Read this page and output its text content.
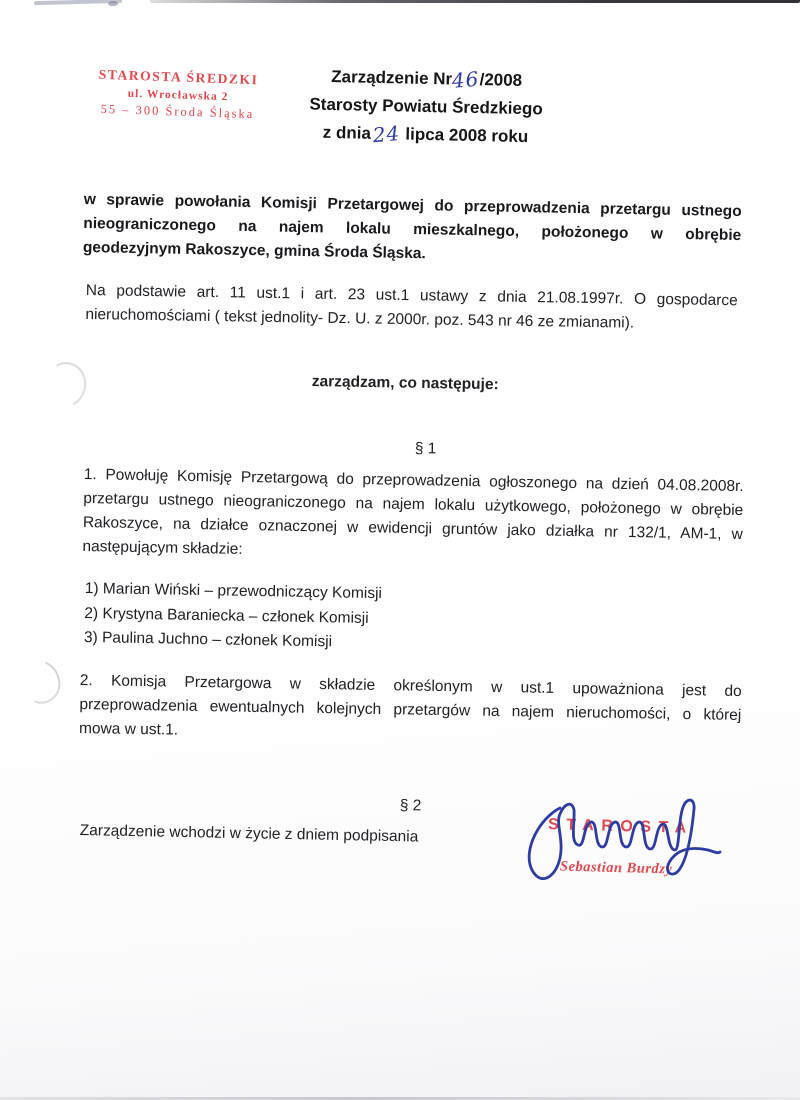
STAROSTA ŚREDZKI
ul. Wrocławska 2
55 – 300 Środa Śląska
Zarządzenie Nr46/2008
Starosty Powiatu Średzkiego
z dnia24 lipca 2008 roku
w sprawie powołania Komisji Przetargowej do przeprowadzenia przetargu ustnego
nieograniczonego na najem lokalu mieszkalnego, położonego w obrębie
geodezyjnym Rakoszyce, gmina Środa Śląska.
Na podstawie art. 11 ust.1 i art. 23 ust.1 ustawy z dnia 21.08.1997r. O gospodarce
nieruchomościami ( tekst jednolity- Dz. U. z 2000r. poz. 543 nr 46 ze zmianami).
zarządzam, co następuje:
§ 1
1. Powołuję Komisję Przetargową do przeprowadzenia ogłoszonego na dzień 04.08.2008r.
przetargu ustnego nieograniczonego na najem lokalu użytkowego, położonego w obrębie
Rakoszyce, na działce oznaczonej w ewidencji gruntów jako działka nr 132/1, AM-1, w
następującym składzie:
1) Marian Wiński – przewodniczący Komisji
2) Krystyna Baraniecka – członek Komisji
3) Paulina Juchno – członek Komisji
2. Komisja Przetargowa w składzie określonym w ust.1 upoważniona jest do
przeprowadzenia ewentualnych kolejnych przetargów na najem nieruchomości, o której
mowa w ust.1.
§ 2
Zarządzenie wchodzi w życie z dniem podpisania	STAROSTA
Sebastian Burdzy
